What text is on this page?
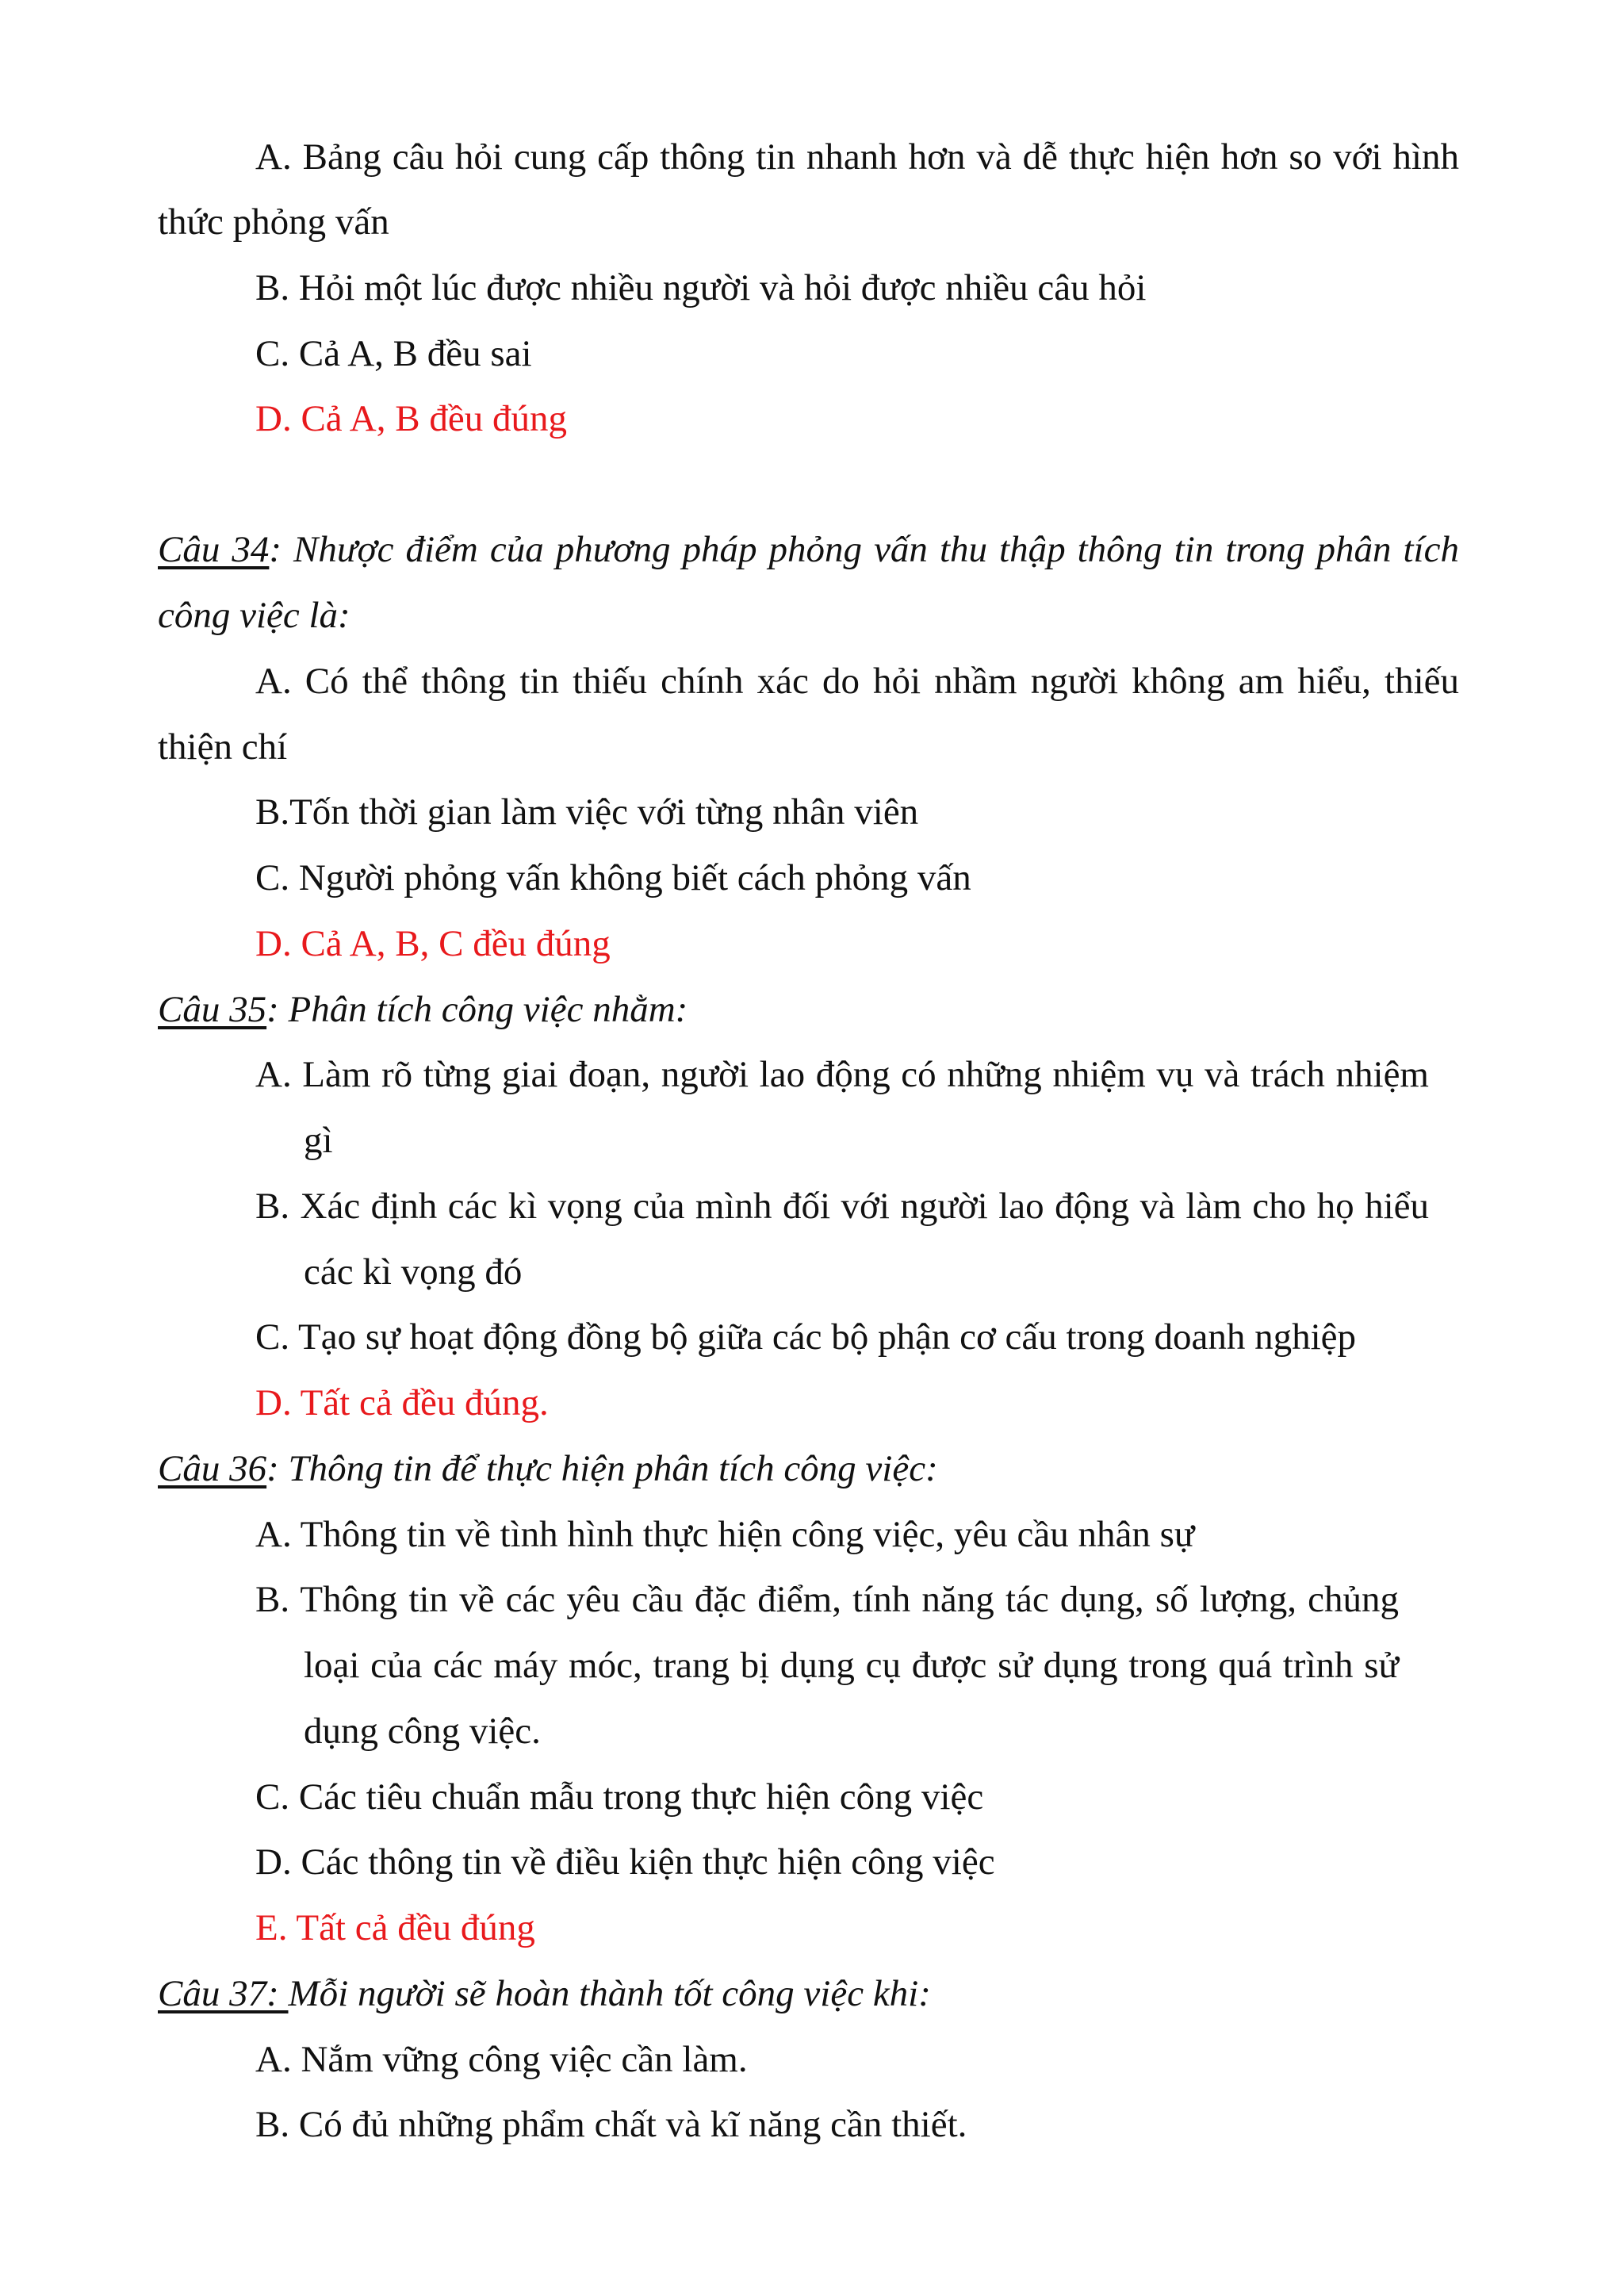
A. Bảng câu hỏi cung cấp thông tin nhanh hơn và dễ thực hiện hơn so với hình
thức phỏng vấn
B. Hỏi một lúc được nhiều người và hỏi được nhiều câu hỏi
C. Cả A, B đều sai
D. Cả A, B đều đúng
Câu 34: Nhược điểm của phương pháp phỏng vấn thu thập thông tin trong phân tích
công việc là:
A. Có thể thông tin thiếu chính xác do hỏi nhầm người không am hiểu, thiếu
thiện chí
B.Tốn thời gian làm việc với từng nhân viên
C. Người phỏng vấn không biết cách phỏng vấn
D. Cả A, B, C đều đúng
Câu 35: Phân tích công việc nhằm:
A. Làm rõ từng giai đoạn, người lao động có những nhiệm vụ và trách nhiệm
gì
B. Xác định các kì vọng của mình đối với người lao động và làm cho họ hiểu
các kì vọng đó
C. Tạo sự hoạt động đồng bộ giữa các bộ phận cơ cấu trong doanh nghiệp
D. Tất cả đều đúng.
Câu 36: Thông tin để thực hiện phân tích công việc:
A. Thông tin về tình hình thực hiện công việc, yêu cầu nhân sự
B. Thông tin về các yêu cầu đặc điểm, tính năng tác dụng, số lượng, chủng
loại của các máy móc, trang bị dụng cụ được sử dụng trong quá trình sử
dụng công việc.
C. Các tiêu chuẩn mẫu trong thực hiện công việc
D. Các thông tin về điều kiện thực hiện công việc
E. Tất cả đều đúng
Câu 37: Mỗi người sẽ hoàn thành tốt công việc khi:
A. Nắm vững công việc cần làm.
B. Có đủ những phẩm chất và kĩ năng cần thiết.
